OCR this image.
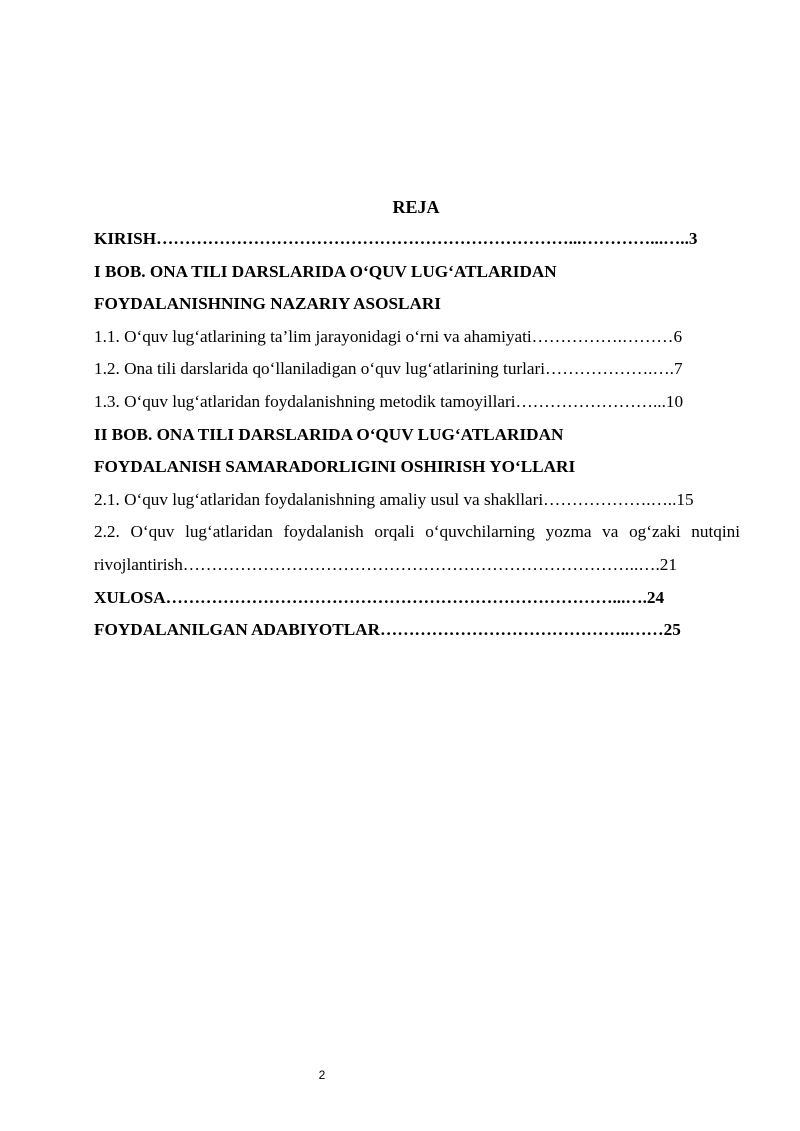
REJA
KIRISH………………………………………………………………...…………...…..3
I BOB. ONA TILI DARSLARIDA O‘QUV LUG‘ATLARIDAN
FOYDALANISHNING NAZARIY ASOSLARI
1.1. O‘quv lug‘atlarining ta’lim jarayonidagi o‘rni va ahamiyati…………….………6
1.2. Ona tili darslarida qo‘llaniladigan o‘quv lug‘atlarining turlari……………….….7
1.3. O‘quv lug‘atlaridan foydalanishning metodik tamoyillari……………………...10
II BOB. ONA TILI DARSLARIDA O‘QUV LUG‘ATLARIDAN
FOYDALANISH SAMARADORLIGINI OSHIRISH YO‘LLARI
2.1. O‘quv lug‘atlaridan foydalanishning amaliy usul va shakllari……………….…..15
2.2. O‘quv lug‘atlaridan foydalanish orqali o‘quvchilarning yozma va og‘zaki nutqini
rivojlantirish……………………………………………………………………..….21
XULOSA……………………………………………………………………...….24
FOYDALANILGAN ADABIYOTLAR……………………………………..……25
2
